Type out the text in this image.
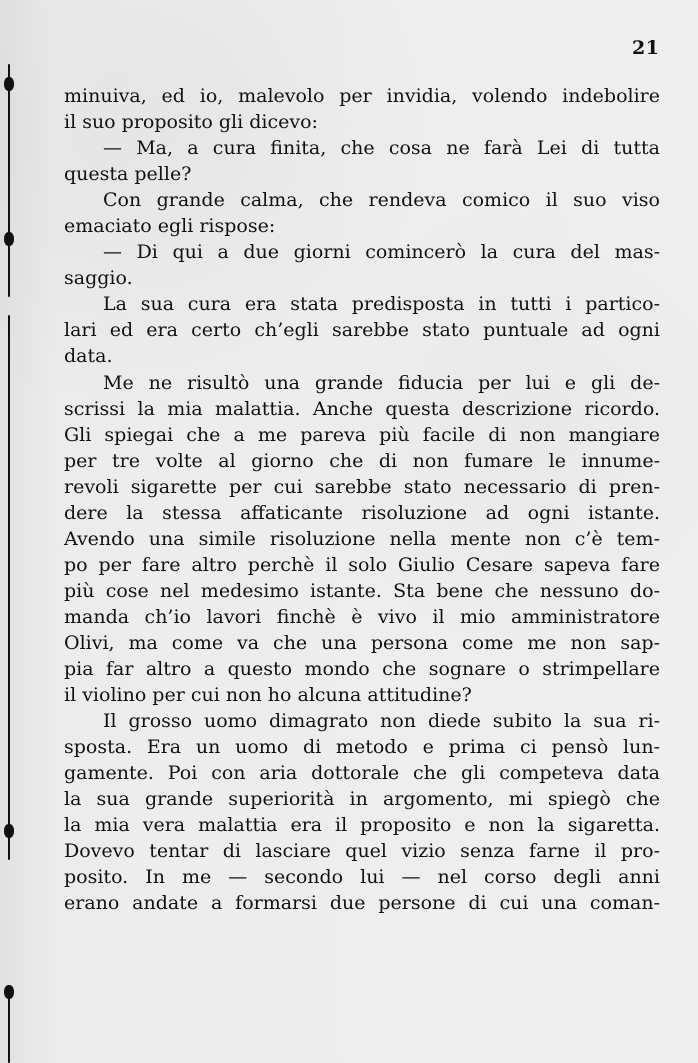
21
minuiva, ed io, malevolo per invidia, volendo indebolire
il suo proposito gli dicevo:
— Ma, a cura finita, che cosa ne farà Lei di tutta
questa pelle?
Con grande calma, che rendeva comico il suo viso
emaciato egli rispose:
— Di qui a due giorni comincerò la cura del mas-
saggio.
La sua cura era stata predisposta in tutti i partico-
lari ed era certo ch’egli sarebbe stato puntuale ad ogni
data.
Me ne risultò una grande fiducia per lui e gli de-
scrissi la mia malattia. Anche questa descrizione ricordo.
Gli spiegai che a me pareva più facile di non mangiare
per tre volte al giorno che di non fumare le innume-
revoli sigarette per cui sarebbe stato necessario di pren-
dere la stessa affaticante risoluzione ad ogni istante.
Avendo una simile risoluzione nella mente non c’è tem-
po per fare altro perchè il solo Giulio Cesare sapeva fare
più cose nel medesimo istante. Sta bene che nessuno do-
manda ch’io lavori finchè è vivo il mio amministratore
Olivi, ma come va che una persona come me non sap-
pia far altro a questo mondo che sognare o strimpellare
il violino per cui non ho alcuna attitudine?
Il grosso uomo dimagrato non diede subito la sua ri-
sposta. Era un uomo di metodo e prima ci pensò lun-
gamente. Poi con aria dottorale che gli competeva data
la sua grande superiorità in argomento, mi spiegò che
la mia vera malattia era il proposito e non la sigaretta.
Dovevo tentar di lasciare quel vizio senza farne il pro-
posito. In me — secondo lui — nel corso degli anni
erano andate a formarsi due persone di cui una coman-
